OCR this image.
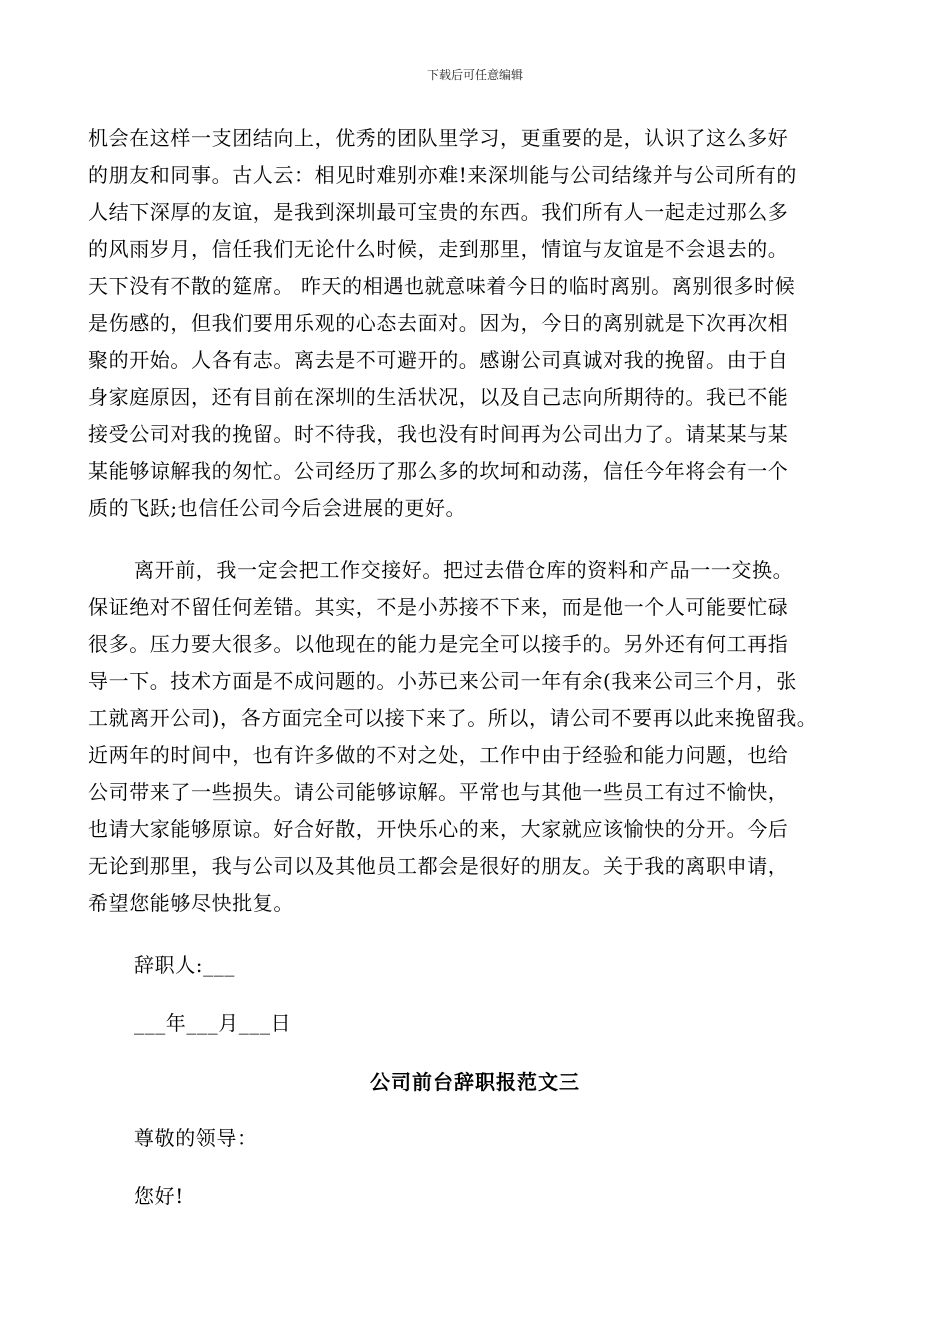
下载后可任意编辑
机会在这样一支团结向上，优秀的团队里学习，更重要的是，认识了这么多好
的朋友和同事。古人云：相见时难别亦难!来深圳能与公司结缘并与公司所有的
人结下深厚的友谊，是我到深圳最可宝贵的东西。我们所有人一起走过那么多
的风雨岁月，信任我们无论什么时候，走到那里，情谊与友谊是不会退去的。
天下没有不散的筵席。 昨天的相遇也就意味着今日的临时离别。离别很多时候
是伤感的，但我们要用乐观的心态去面对。因为，今日的离别就是下次再次相
聚的开始。人各有志。离去是不可避开的。感谢公司真诚对我的挽留。由于自
身家庭原因，还有目前在深圳的生活状况，以及自己志向所期待的。我已不能
接受公司对我的挽留。时不待我，我也没有时间再为公司出力了。请某某与某
某能够谅解我的匆忙。公司经历了那么多的坎坷和动荡，信任今年将会有一个
质的飞跃;也信任公司今后会进展的更好。
离开前，我一定会把工作交接好。把过去借仓库的资料和产品一一交换。
保证绝对不留任何差错。其实，不是小苏接不下来，而是他一个人可能要忙碌
很多。压力要大很多。以他现在的能力是完全可以接手的。另外还有何工再指
导一下。技术方面是不成问题的。小苏已来公司一年有余(我来公司三个月，张
工就离开公司)，各方面完全可以接下来了。所以，请公司不要再以此来挽留我。
近两年的时间中，也有许多做的不对之处，工作中由于经验和能力问题，也给
公司带来了一些损失。请公司能够谅解。平常也与其他一些员工有过不愉快，
也请大家能够原谅。好合好散，开快乐心的来，大家就应该愉快的分开。今后
无论到那里，我与公司以及其他员工都会是很好的朋友。关于我的离职申请，
希望您能够尽快批复。
辞职人:___
___年___月___日
公司前台辞职报范文三
尊敬的领导：
您好!
